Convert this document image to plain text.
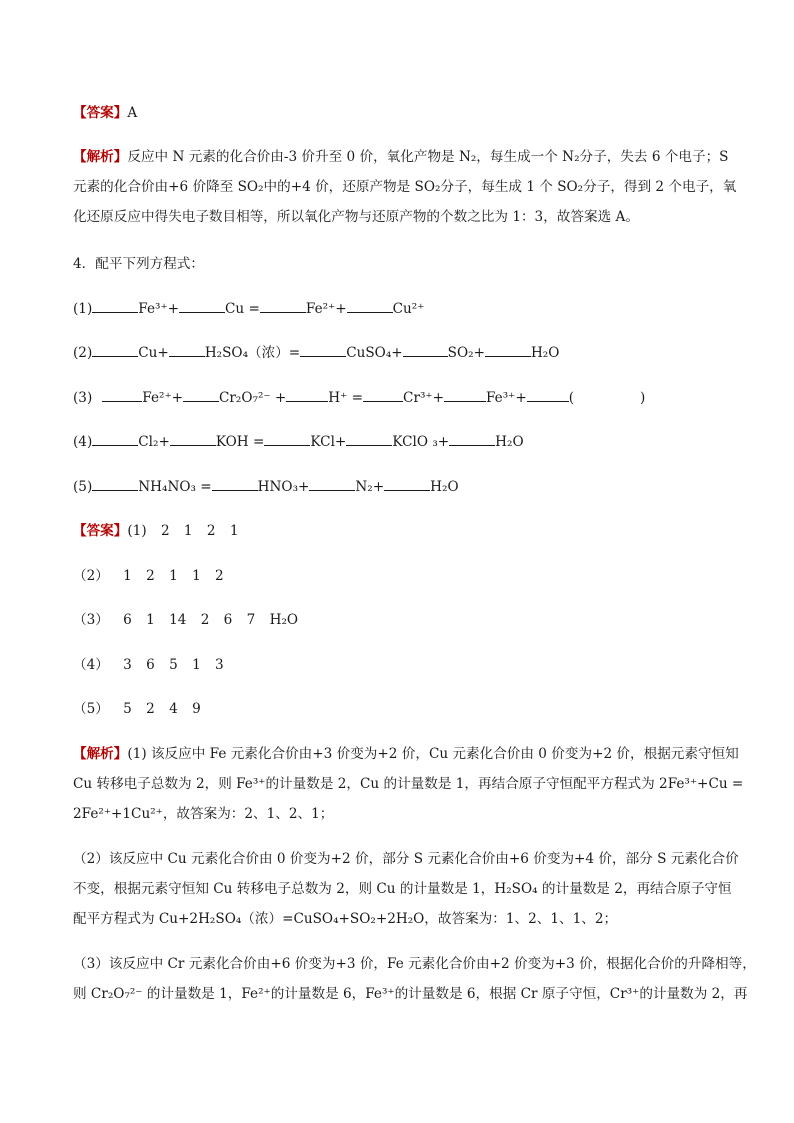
【答案】A
【解析】反应中 N 元素的化合价由-3 价升至 0 价，氧化产物是 N₂，每生成一个 N₂分子，失去 6 个电子；S
元素的化合价由+6 价降至 SO₂中的+4 价，还原产物是 SO₂分子，每生成 1 个 SO₂分子，得到 2 个电子，氧
化还原反应中得失电子数目相等，所以氧化产物与还原产物的个数之比为 1：3，故答案选 A。
4．配平下列方程式：
(1)	Fe³⁺+	Cu =	Fe²⁺+	Cu²⁺
(2)	Cu+	H₂SO₄（浓）=	CuSO₄+	SO₂+	H₂O
(3)	Fe²⁺+	Cr₂O₇²⁻ +	H⁺ =	Cr³⁺+	Fe³⁺+	(	)
(4)	Cl₂+	KOH =	KCl+	KClO ₃+	H₂O
(5)	NH₄NO₃ =	HNO₃+	N₂+	H₂O
【答案】(1) 2 1 2 1
（2） 1 2 1 1 2
（3） 6 1 14 2 6 7 H₂O
（4） 3 6 5 1 3
（5） 5 2 4 9
【解析】(1) 该反应中 Fe 元素化合价由+3 价变为+2 价，Cu 元素化合价由 0 价变为+2 价，根据元素守恒知
Cu 转移电子总数为 2，则 Fe³⁺的计量数是 2，Cu 的计量数是 1，再结合原子守恒配平方程式为 2Fe³⁺+Cu =
2Fe²⁺+1Cu²⁺，故答案为：2、1、2、1；
（2）该反应中 Cu 元素化合价由 0 价变为+2 价，部分 S 元素化合价由+6 价变为+4 价，部分 S 元素化合价
不变，根据元素守恒知 Cu 转移电子总数为 2，则 Cu 的计量数是 1，H₂SO₄ 的计量数是 2，再结合原子守恒
配平方程式为 Cu+2H₂SO₄（浓）=CuSO₄+SO₂+2H₂O，故答案为：1、2、1、1、2；
（3）该反应中 Cr 元素化合价由+6 价变为+3 价，Fe 元素化合价由+2 价变为+3 价，根据化合价的升降相等，
则 Cr₂O₇²⁻ 的计量数是 1，Fe²⁺的计量数是 6，Fe³⁺的计量数是 6，根据 Cr 原子守恒，Cr³⁺的计量数为 2，再
